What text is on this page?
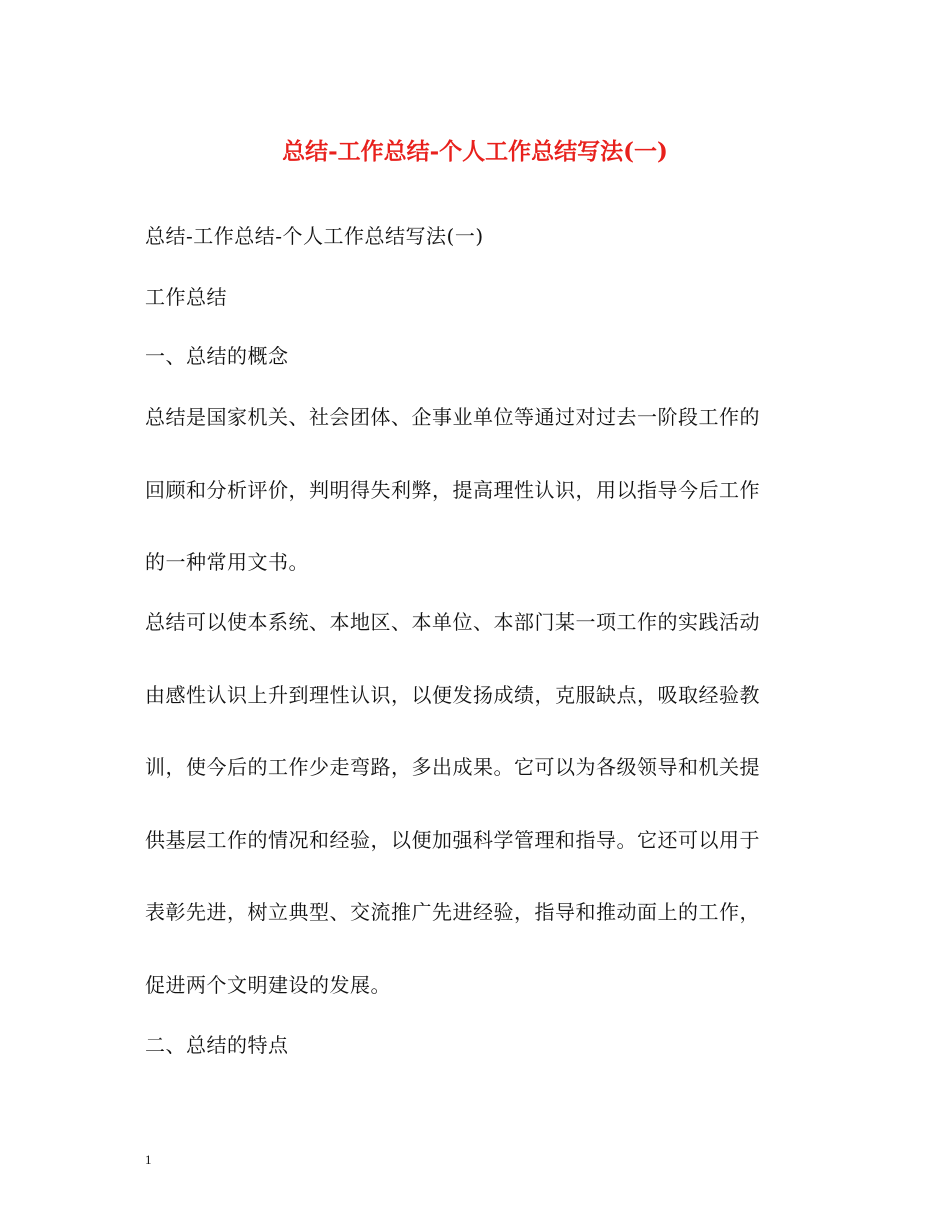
总结-工作总结-个人工作总结写法(一)
总结-工作总结-个人工作总结写法(一)
工作总结
一、总结的概念
总结是国家机关、社会团体、企事业单位等通过对过去一阶段工作的
回顾和分析评价，判明得失利弊，提高理性认识，用以指导今后工作
的一种常用文书。
总结可以使本系统、本地区、本单位、本部门某一项工作的实践活动
由感性认识上升到理性认识，以便发扬成绩，克服缺点，吸取经验教
训，使今后的工作少走弯路，多出成果。它可以为各级领导和机关提
供基层工作的情况和经验，以便加强科学管理和指导。它还可以用于
表彰先进，树立典型、交流推广先进经验，指导和推动面上的工作，
促进两个文明建设的发展。
二、总结的特点
1
